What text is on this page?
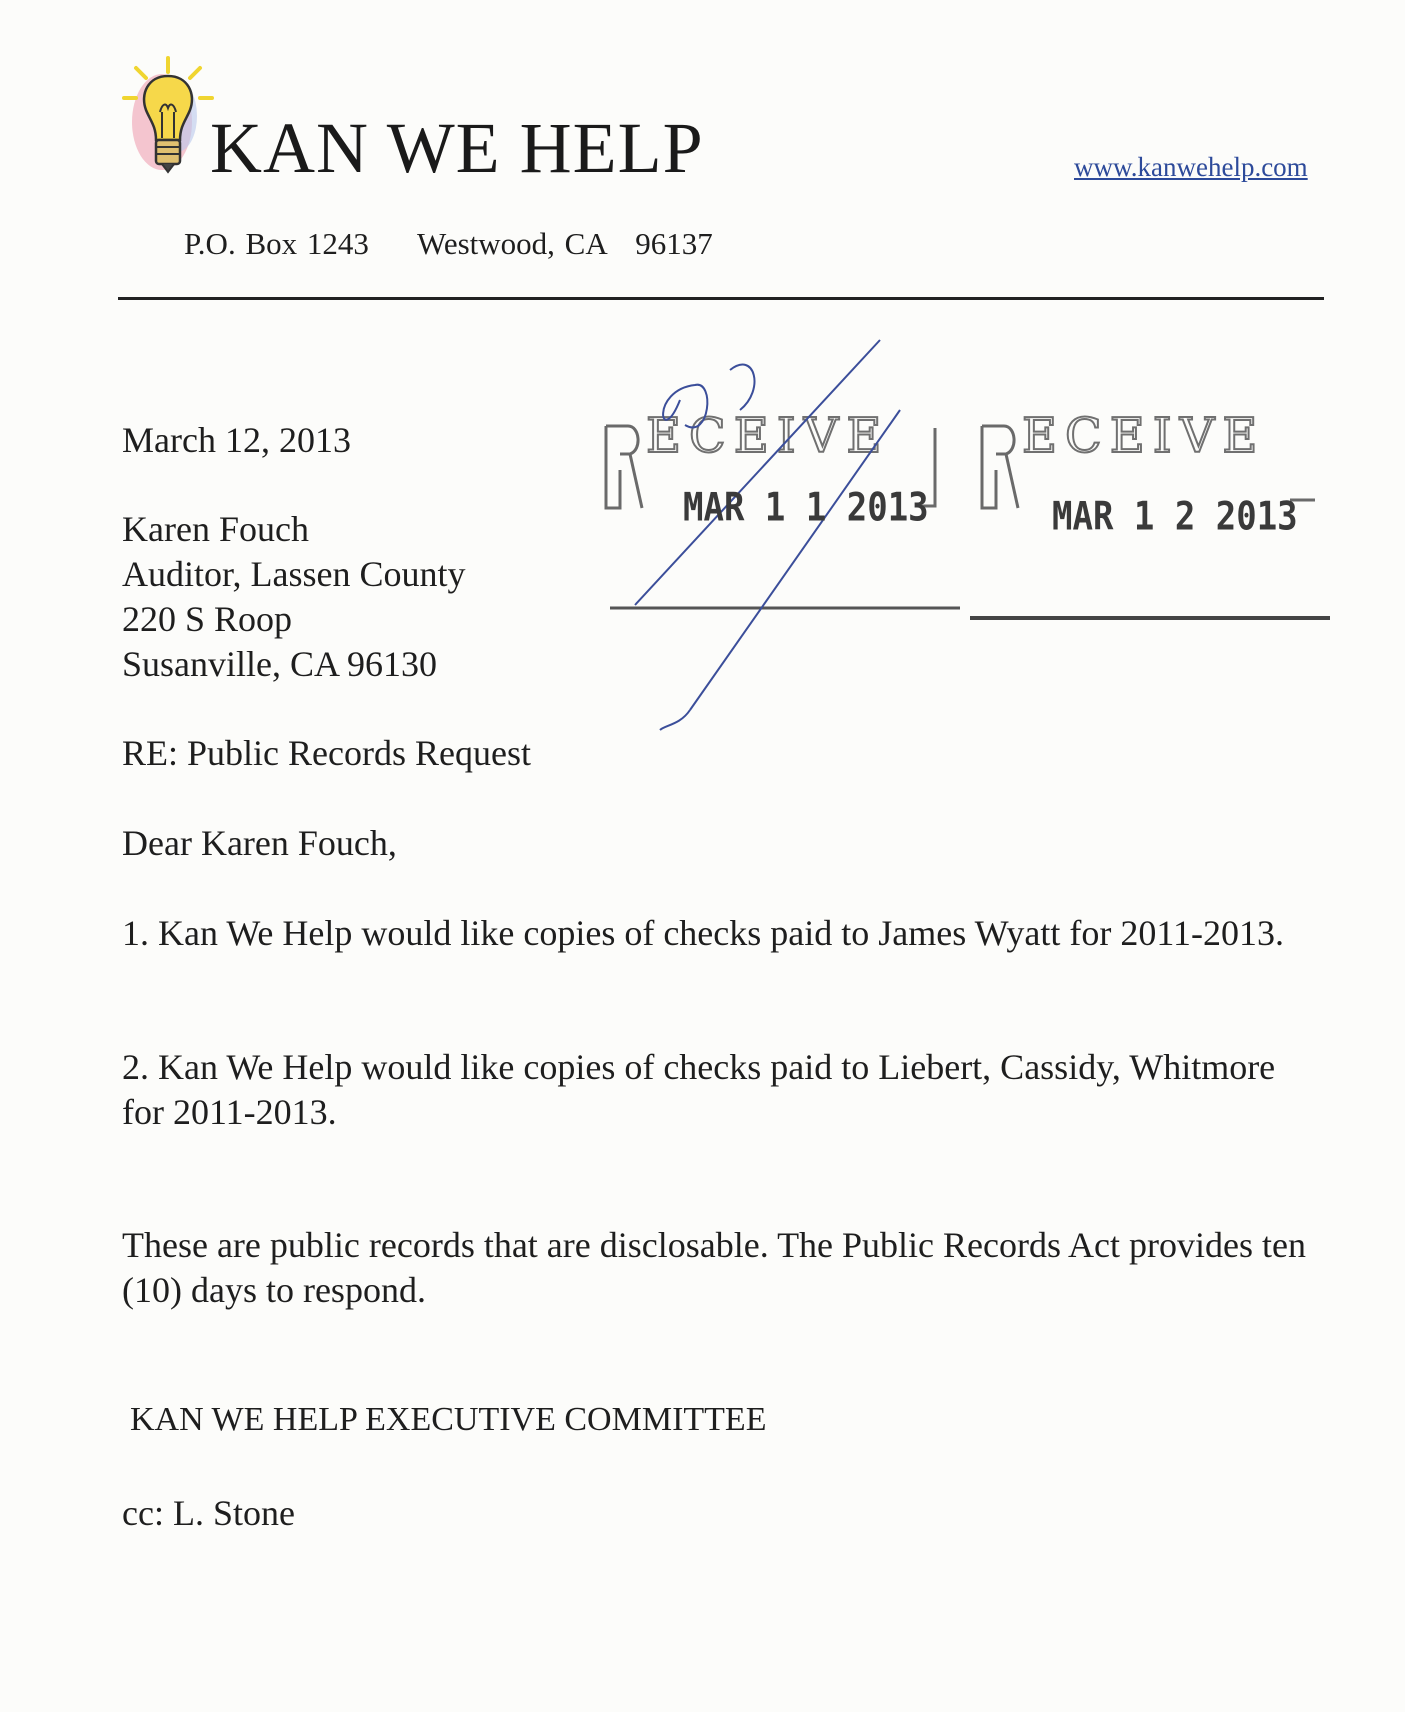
KAN WE HELP	www.kanwehelp.com
P.O. Box 1243     Westwood, CA   96137
ECEIVE	ECEIVE
MAR 1 1 2013	MAR 1 2 2013
March 12, 2013
Karen Fouch
Auditor, Lassen County
220 S Roop
Susanville, CA 96130
RE: Public Records Request
Dear Karen Fouch,
1. Kan We Help would like copies of checks paid to James Wyatt for 2011-2013.
2. Kan We Help would like copies of checks paid to Liebert, Cassidy, Whitmore for 2011-2013.
These are public records that are disclosable. The Public Records Act provides ten (10) days to respond.
KAN WE HELP EXECUTIVE COMMITTEE
cc: L. Stone
